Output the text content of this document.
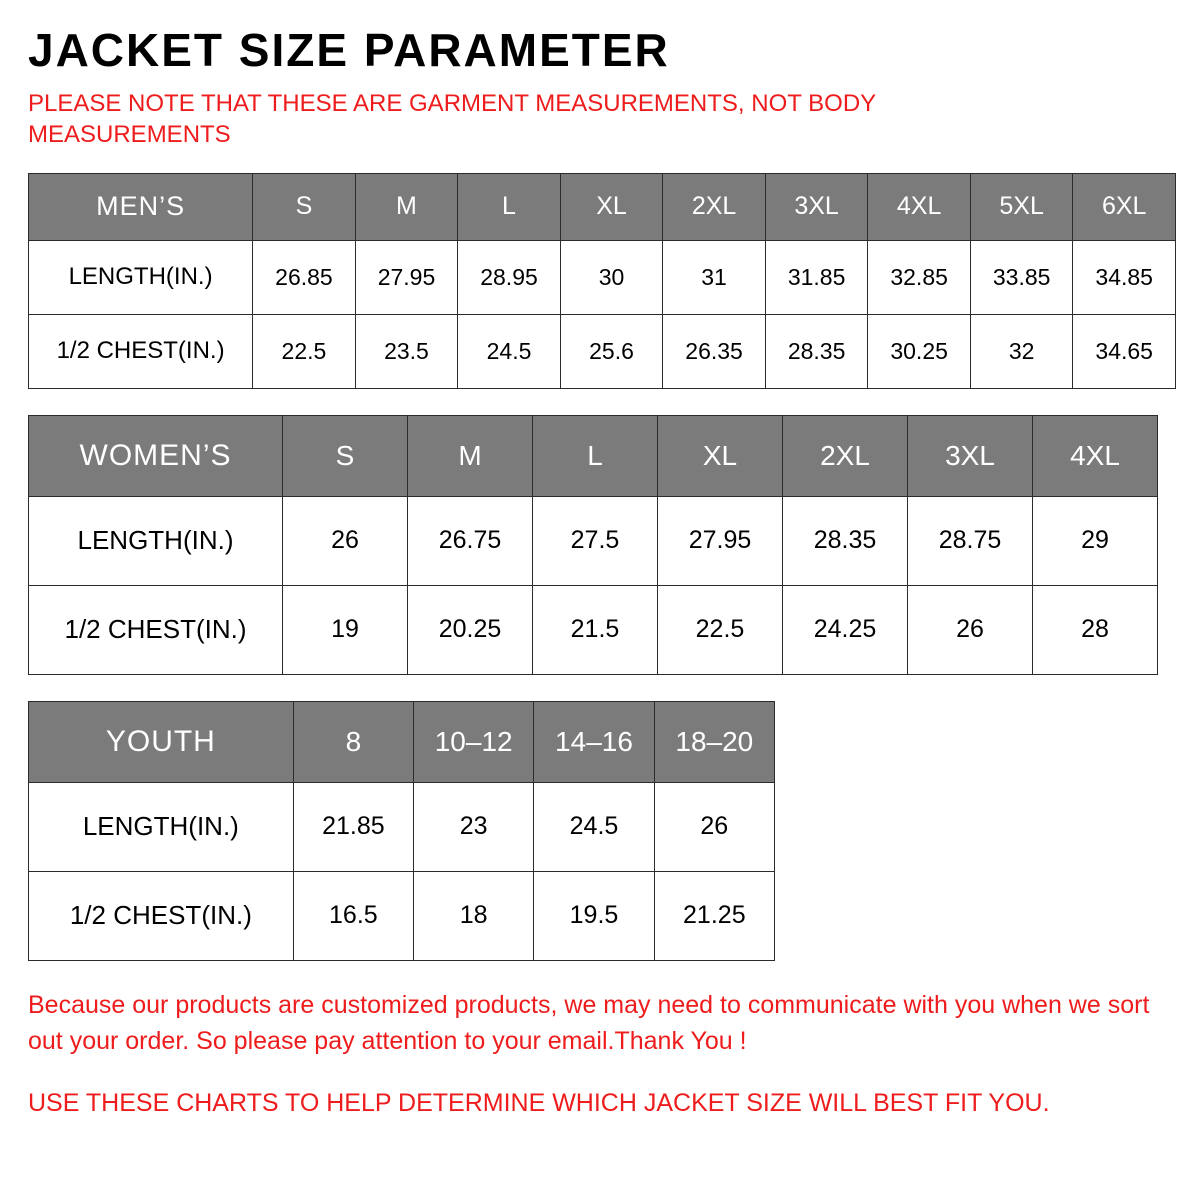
JACKET SIZE PARAMETER

PLEASE NOTE THAT THESE ARE GARMENT MEASUREMENTS, NOT BODY MEASUREMENTS

MEN’S	S	M	L	XL	2XL	3XL	4XL	5XL	6XL
LENGTH(IN.)	26.85	27.95	28.95	30	31	31.85	32.85	33.85	34.85
1/2 CHEST(IN.)	22.5	23.5	24.5	25.6	26.35	28.35	30.25	32	34.65
WOMEN’S	S	M	L	XL	2XL	3XL	4XL
LENGTH(IN.)	26	26.75	27.5	27.95	28.35	28.75	29
1/2 CHEST(IN.)	19	20.25	21.5	22.5	24.25	26	28
YOUTH	8	10–12	14–16	18–20
LENGTH(IN.)	21.85	23	24.5	26
1/2 CHEST(IN.)	16.5	18	19.5	21.25

Because our products are customized products, we may need to communicate with you when we sort out your order. So please pay attention to your email.Thank You !

USE THESE CHARTS TO HELP DETERMINE WHICH JACKET SIZE WILL BEST FIT YOU.
